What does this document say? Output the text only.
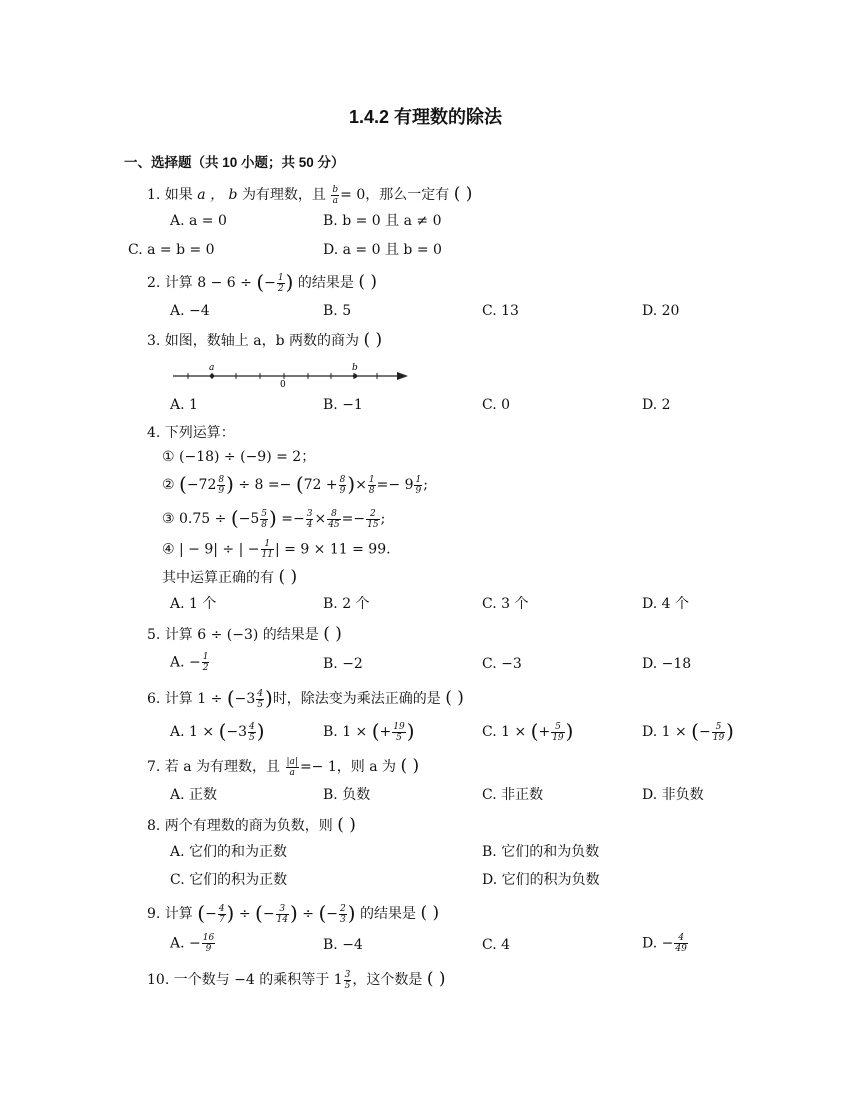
1.4.2 有理数的除法
一、选择题（共 10 小题；共 50 分）
1. 如果 a ， b 为有理数，且 $\frac{b}{a} = 0$，那么一定有 ( )
A. a = 0	B. b = 0 且 a ≠ 0
C. a = b = 0	D. a = 0 且 b = 0
2. 计算 8 − 6 ÷ (− $\frac{1}{2}$ ) 的结果是 ( )
A. −4	B. 5	C. 13	D. 20
3. 如图，数轴上 a，b 两数的商为 ( )
a
0
b
A. 1	B. −1	C. 0	D. 2
4. 下列运算：
① (−18) ÷ (−9) = 2；
② ($-72 \frac{8}{9}$ ) ÷ $8 =- (72 + \frac{8}{9}$ )× $\frac{1}{8} =- 9 \frac{1}{9}$ ;
③ $0.75 \div (-5 \frac{5}{8}$ ) =− $\frac{3}{4} \times \frac{8}{45} =- \frac{2}{15}$ ;
④ | − 9| ÷ | − $\frac{1}{11}$ | = 9 × 11 = 99.
其中运算正确的有 ( )
A. 1 个	B. 2 个	C. 3 个	D. 4 个
5. 计算 6 ÷ (−3) 的结果是 ( )
A. − $\frac{1}{2}$	B. −2	C. −3	D. −18
6. 计算 $1 \div (-3 \frac{4}{5}$ )时，除法变为乘法正确的是 ( )
A. $1 \times (-3 \frac{4}{5}$ )	B. 1 × (+ $\frac{19}{5}$ )	C. 1 × (+ $\frac{5}{19}$ )	D. 1 × (− $\frac{5}{19}$ )
7. 若 a 为有理数，且 $\frac{|a|}{a} =- 1$，则 a 为 ( )
A. 正数	B. 负数	C. 非正数	D. 非负数
8. 两个有理数的商为负数，则 ( )
A. 它们的和为正数	B. 它们的和为负数
C. 它们的积为正数	D. 它们的积为负数
9. 计算 (− $\frac{4}{7}$ ) ÷ (− $\frac{3}{14}$ ) ÷ (− $\frac{2}{3}$ ) 的结果是 ( )
A. − $\frac{16}{9}$	B. −4	C. 4	D. − $\frac{4}{49}$
10. 一个数与 −4 的乘积等于 $1 \frac{3}{5}$ ，这个数是 ( )
